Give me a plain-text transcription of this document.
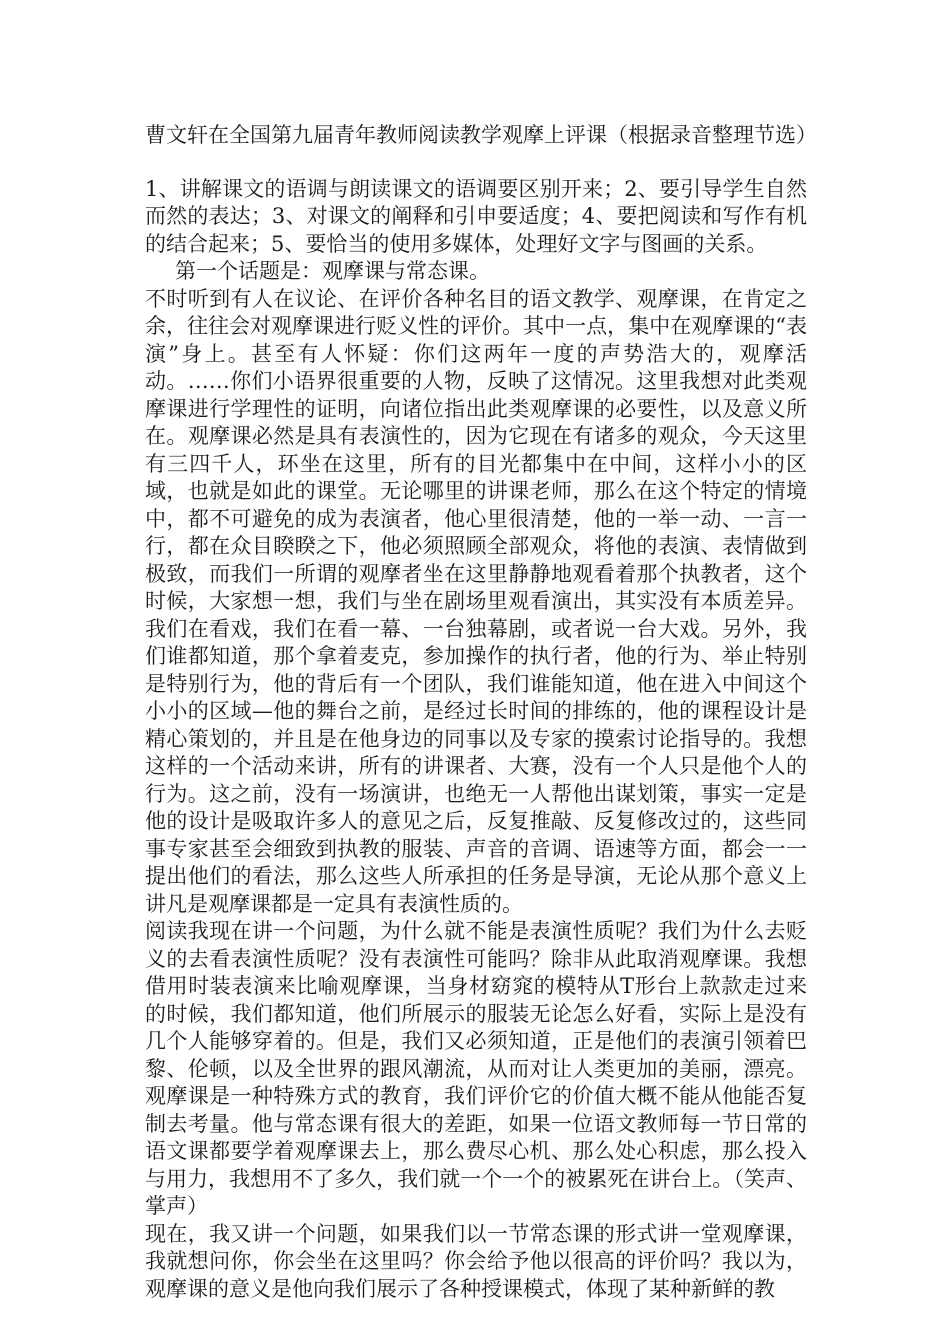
曹文轩在全国第九届青年教师阅读教学观摩上评课（根据录音整理节选）

1、讲解课文的语调与朗读课文的语调要区别开来；2、要引导学生自然而然的表达；3、对课文的阐释和引申要适度；4、要把阅读和写作有机的结合起来；5、要恰当的使用多媒体，处理好文字与图画的关系。

第一个话题是：观摩课与常态课。

不时听到有人在议论、在评价各种名目的语文教学、观摩课，在肯定之余，往往会对观摩课进行贬义性的评价。其中一点，集中在观摩课的“表演”身上。甚至有人怀疑：你们这两年一度的声势浩大的，观摩活动。……你们小语界很重要的人物，反映了这情况。这里我想对此类观摩课进行学理性的证明，向诸位指出此类观摩课的必要性，以及意义所在。观摩课必然是具有表演性的，因为它现在有诸多的观众，今天这里有三四千人，环坐在这里，所有的目光都集中在中间，这样小小的区域，也就是如此的课堂。无论哪里的讲课老师，那么在这个特定的情境中，都不可避免的成为表演者，他心里很清楚，他的一举一动、一言一行，都在众目睽睽之下，他必须照顾全部观众，将他的表演、表情做到极致，而我们一所谓的观摩者坐在这里静静地观看着那个执教者，这个时候，大家想一想，我们与坐在剧场里观看演出，其实没有本质差异。我们在看戏，我们在看一幕、一台独幕剧，或者说一台大戏。另外，我们谁都知道，那个拿着麦克，参加操作的执行者，他的行为、举止特别是特别行为，他的背后有一个团队，我们谁能知道，他在进入中间这个小小的区域—他的舞台之前，是经过长时间的排练的，他的课程设计是精心策划的，并且是在他身边的同事以及专家的摸索讨论指导的。我想这样的一个活动来讲，所有的讲课者、大赛，没有一个人只是他个人的行为。这之前，没有一场演讲，也绝无一人帮他出谋划策，事实一定是他的设计是吸取许多人的意见之后，反复推敲、反复修改过的，这些同事专家甚至会细致到执教的服装、声音的音调、语速等方面，都会一一提出他们的看法，那么这些人所承担的任务是导演，无论从那个意义上讲凡是观摩课都是一定具有表演性质的。

阅读我现在讲一个问题，为什么就不能是表演性质呢？我们为什么去贬义的去看表演性质呢？没有表演性可能吗？除非从此取消观摩课。我想借用时装表演来比喻观摩课，当身材窈窕的模特从T形台上款款走过来的时候，我们都知道，他们所展示的服装无论怎么好看，实际上是没有几个人能够穿着的。但是，我们又必须知道，正是他们的表演引领着巴黎、伦顿，以及全世界的跟风潮流，从而对让人类更加的美丽，漂亮。观摩课是一种特殊方式的教育，我们评价它的价值大概不能从他能否复制去考量。他与常态课有很大的差距，如果一位语文教师每一节日常的语文课都要学着观摩课去上，那么费尽心机、那么处心积虑，那么投入与用力，我想用不了多久，我们就一个一个的被累死在讲台上。（笑声、掌声）

现在，我又讲一个问题，如果我们以一节常态课的形式讲一堂观摩课，我就想问你，你会坐在这里吗？你会给予他以很高的评价吗？我以为，观摩课的意义是他向我们展示了各种授课模式，体现了某种新鲜的教
